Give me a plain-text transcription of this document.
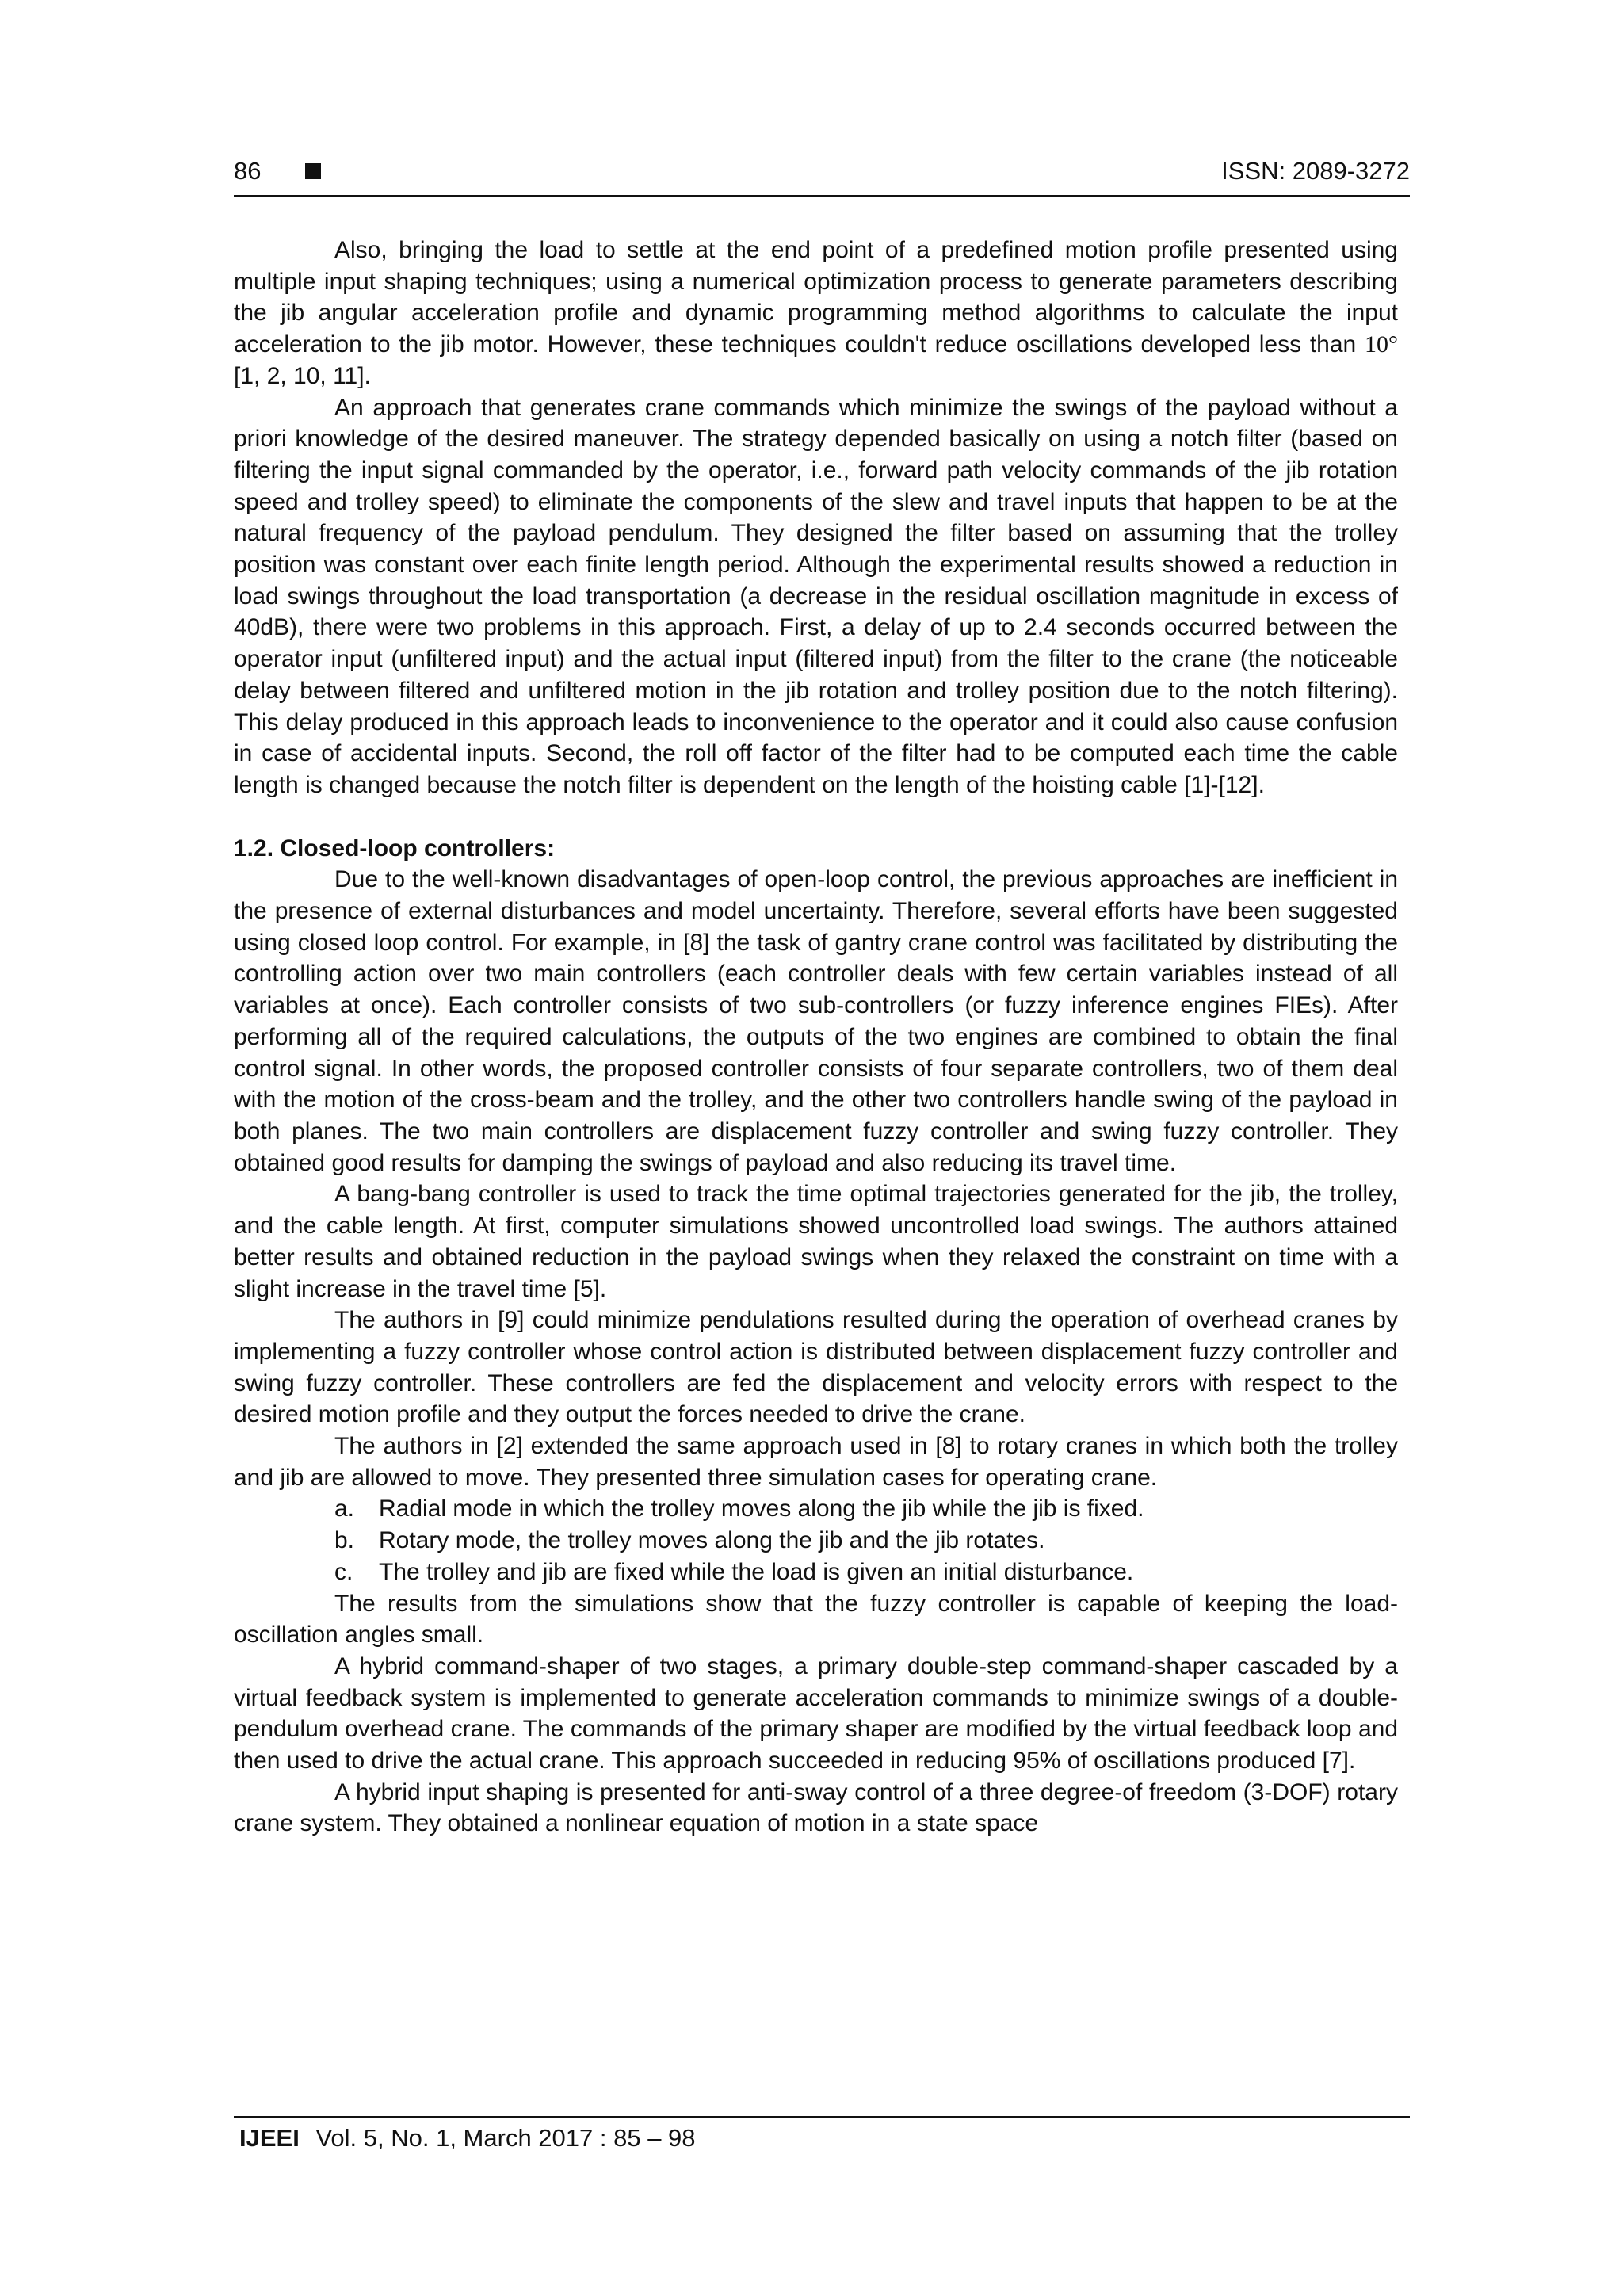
86	ISSN: 2089-3272

Also, bringing the load to settle at the end point of a predefined motion profile presented using multiple input shaping techniques; using a numerical optimization process to generate parameters describing the jib angular acceleration profile and dynamic programming method algorithms to calculate the input acceleration to the jib motor. However, these techniques couldn't reduce oscillations developed less than 10° [1, 2, 10, 11].

An approach that generates crane commands which minimize the swings of the payload without a priori knowledge of the desired maneuver. The strategy depended basically on using a notch filter (based on filtering the input signal commanded by the operator, i.e., forward path velocity commands of the jib rotation speed and trolley speed) to eliminate the components of the slew and travel inputs that happen to be at the natural frequency of the payload pendulum. They designed the filter based on assuming that the trolley position was constant over each finite length period. Although the experimental results showed a reduction in load swings throughout the load transportation (a decrease in the residual oscillation magnitude in excess of 40dB), there were two problems in this approach. First, a delay of up to 2.4 seconds occurred between the operator input (unfiltered input) and the actual input (filtered input) from the filter to the crane (the noticeable delay between filtered and unfiltered motion in the jib rotation and trolley position due to the notch filtering). This delay produced in this approach leads to inconvenience to the operator and it could also cause confusion in case of accidental inputs. Second, the roll off factor of the filter had to be computed each time the cable length is changed because the notch filter is dependent on the length of the hoisting cable [1]-[12].

1.2. Closed-loop controllers:

Due to the well-known disadvantages of open-loop control, the previous approaches are inefficient in the presence of external disturbances and model uncertainty. Therefore, several efforts have been suggested using closed loop control. For example, in [8] the task of gantry crane control was facilitated by distributing the controlling action over two main controllers (each controller deals with few certain variables instead of all variables at once). Each controller consists of two sub-controllers (or fuzzy inference engines FIEs). After performing all of the required calculations, the outputs of the two engines are combined to obtain the final control signal. In other words, the proposed controller consists of four separate controllers, two of them deal with the motion of the cross-beam and the trolley, and the other two controllers handle swing of the payload in both planes. The two main controllers are displacement fuzzy controller and swing fuzzy controller. They obtained good results for damping the swings of payload and also reducing its travel time.

A bang-bang controller is used to track the time optimal trajectories generated for the jib, the trolley, and the cable length. At first, computer simulations showed uncontrolled load swings. The authors attained better results and obtained reduction in the payload swings when they relaxed the constraint on time with a slight increase in the travel time [5].

The authors in [9] could minimize pendulations resulted during the operation of overhead cranes by implementing a fuzzy controller whose control action is distributed between displacement fuzzy controller and swing fuzzy controller. These controllers are fed the displacement and velocity errors with respect to the desired motion profile and they output the forces needed to drive the crane.

The authors in [2] extended the same approach used in [8] to rotary cranes in which both the trolley and jib are allowed to move. They presented three simulation cases for operating crane.

a. Radial mode in which the trolley moves along the jib while the jib is fixed.
b. Rotary mode, the trolley moves along the jib and the jib rotates.
c. The trolley and jib are fixed while the load is given an initial disturbance.

The results from the simulations show that the fuzzy controller is capable of keeping the load-oscillation angles small.

A hybrid command-shaper of two stages, a primary double-step command-shaper cascaded by a virtual feedback system is implemented to generate acceleration commands to minimize swings of a double-pendulum overhead crane. The commands of the primary shaper are modified by the virtual feedback loop and then used to drive the actual crane. This approach succeeded in reducing 95% of oscillations produced [7].

A hybrid input shaping is presented for anti-sway control of a three degree-of freedom (3-DOF) rotary crane system. They obtained a nonlinear equation of motion in a state space

IJEEI Vol. 5, No. 1, March 2017 : 85 – 98
